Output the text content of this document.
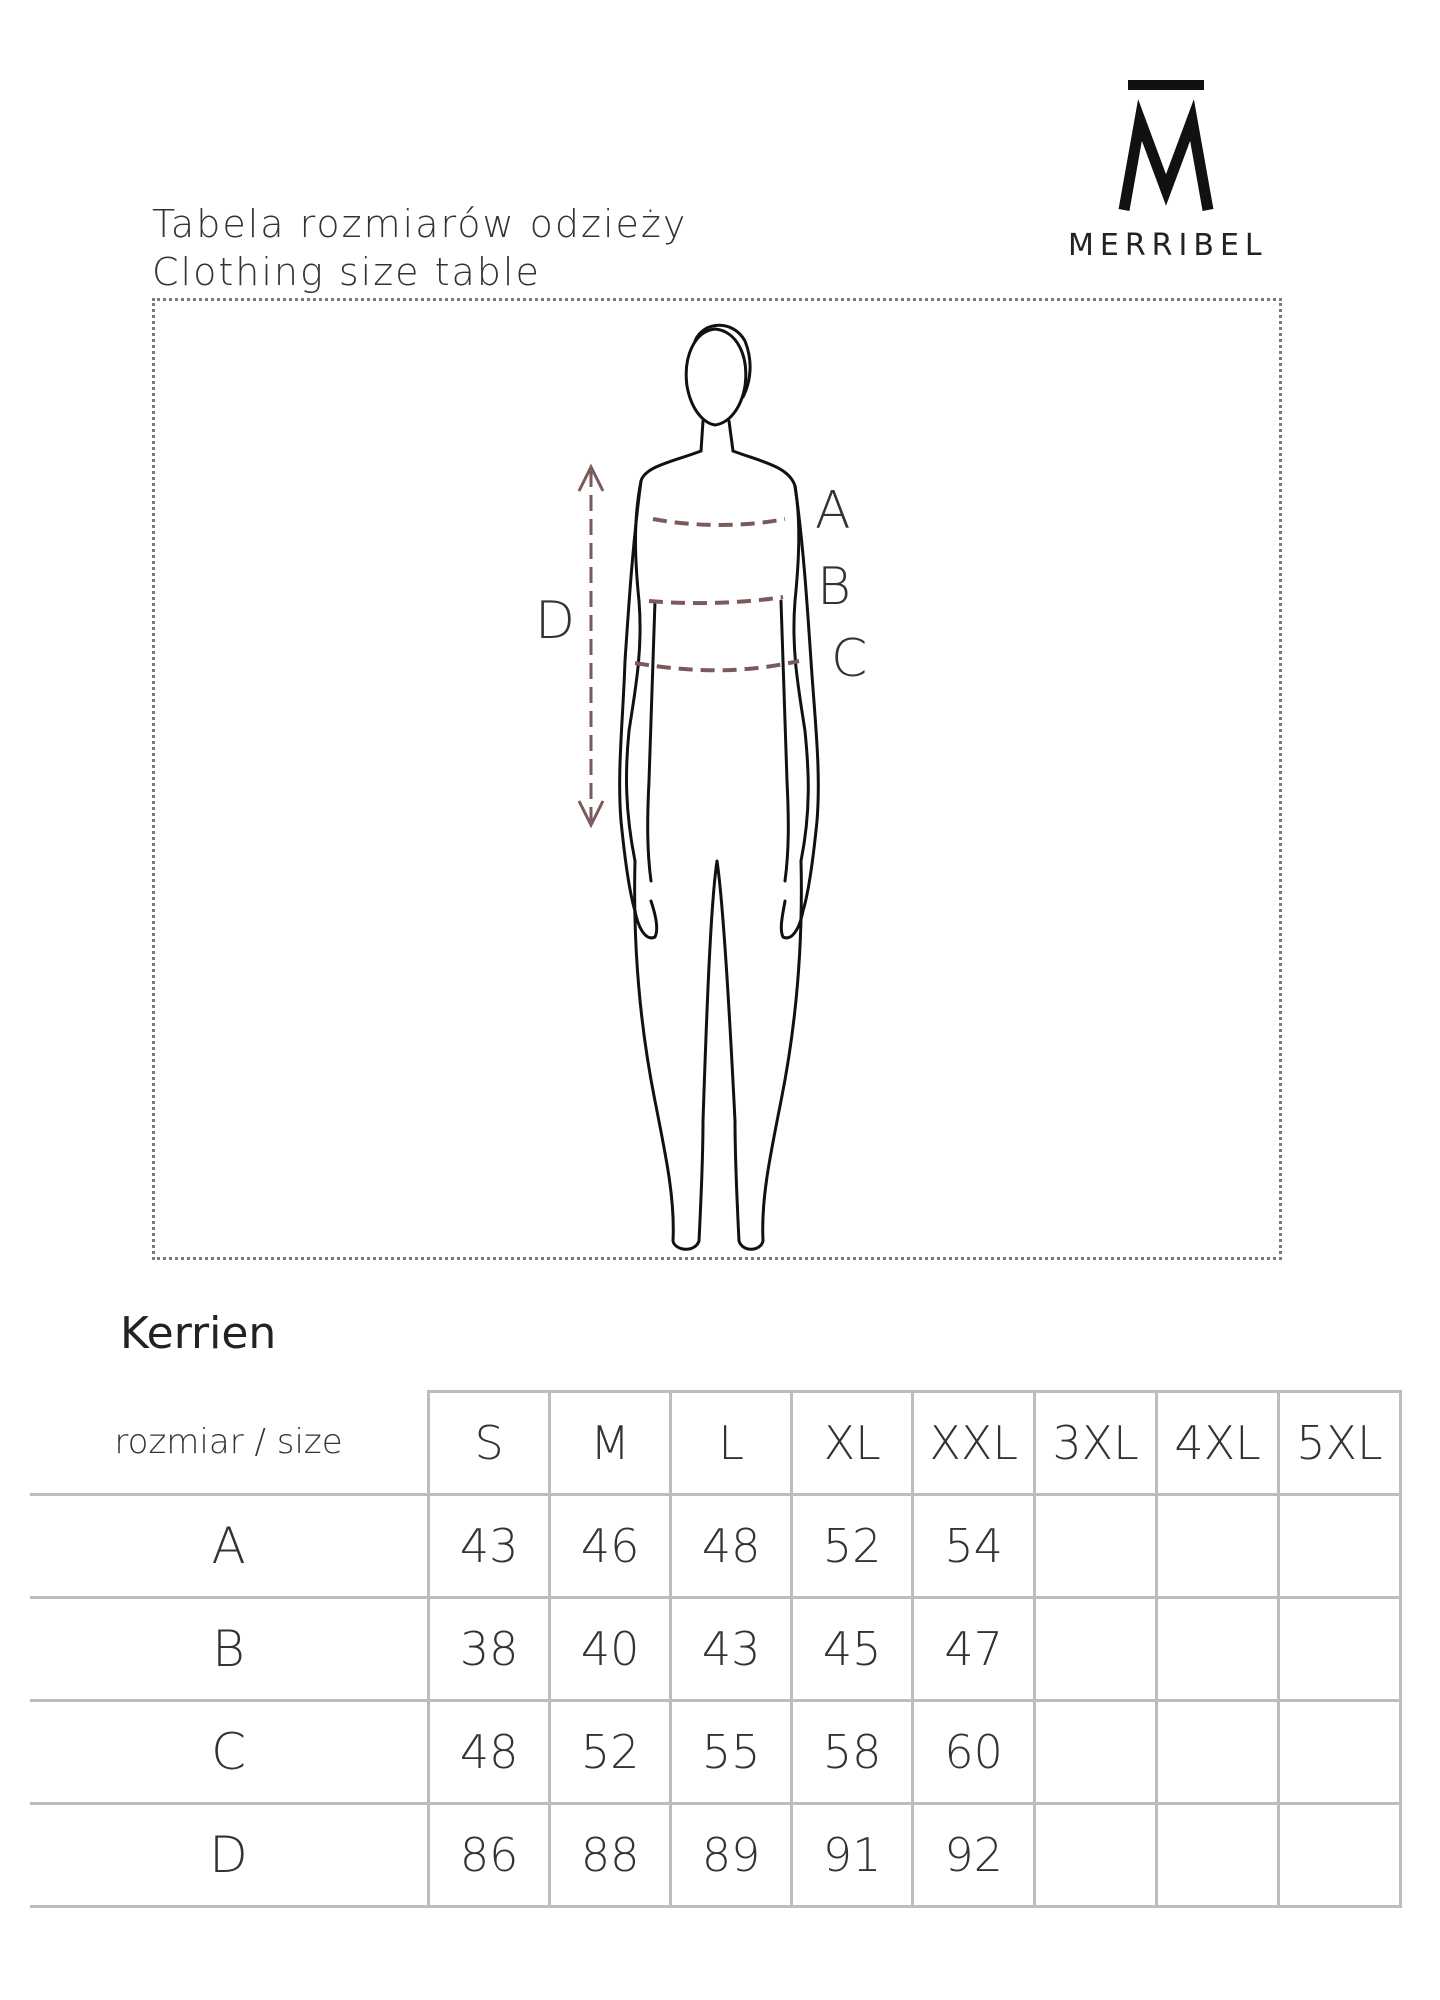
Tabela rozmiarów odzieży
Clothing size table
MERRIBEL
A
B
C
D
Kerrien
rozmiar / size	S	M	L	XL	XXL	3XL	4XL	5XL
A	43	46	48	52	54			
B	38	40	43	45	47			
C	48	52	55	58	60			
D	86	88	89	91	92			
